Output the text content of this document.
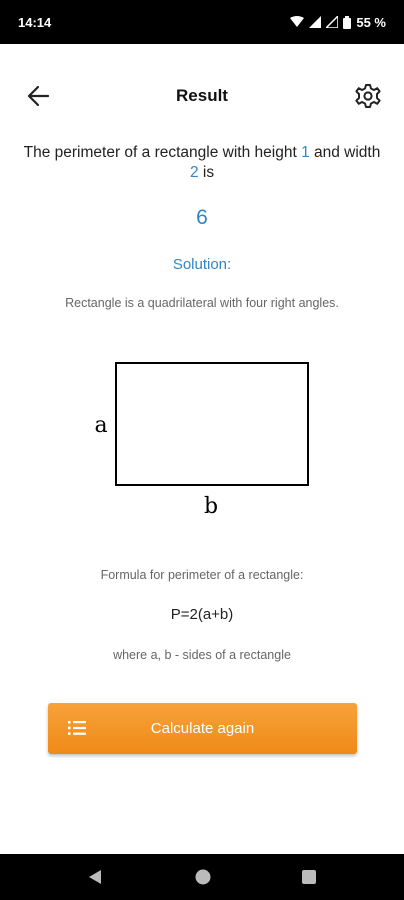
14:14	55 %
Result
The perimeter of a rectangle with height 1 and width 2 is
6
Solution:
Rectangle is a quadrilateral with four right angles.
a
b
Formula for perimeter of a rectangle:
P=2(a+b)
where a, b - sides of a rectangle
Calculate again
